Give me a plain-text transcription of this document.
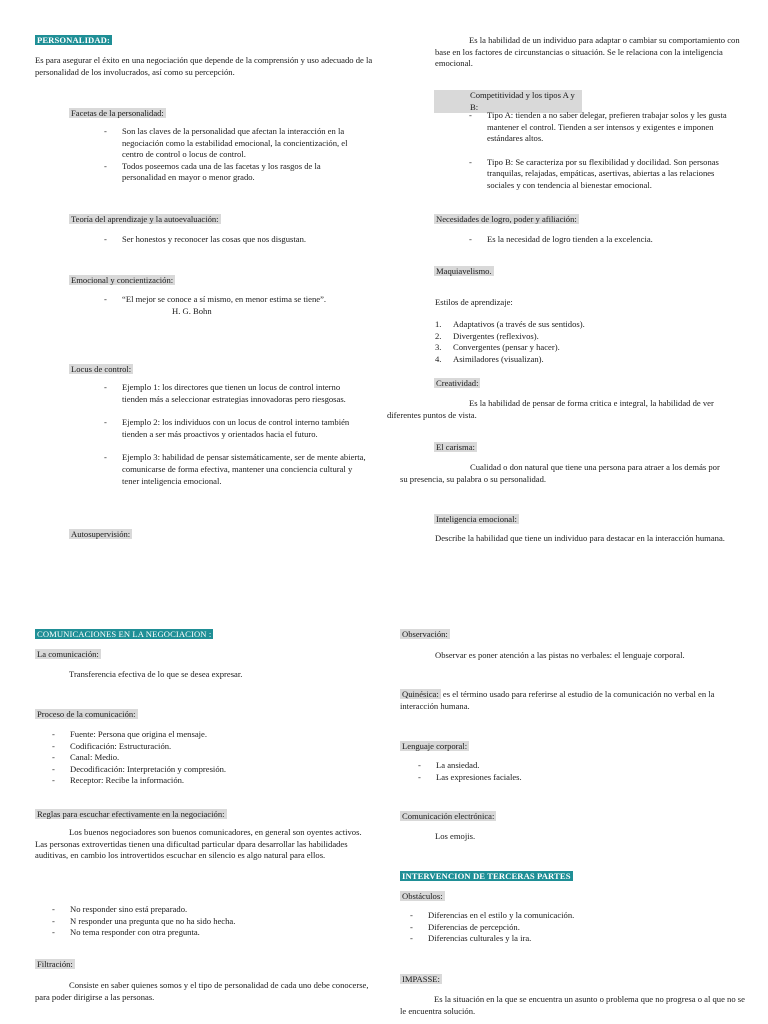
PERSONALIDAD:
Es para asegurar el éxito en una negociación que depende de la comprensión y uso adecuado de la personalidad de los involucrados, así como su percepción.
Facetas de la personalidad:
- Son las claves de la personalidad que afectan la interacción en la negociación como la estabilidad emocional, la concientización, el centro de control o locus de control.
- Todos poseemos cada una de las facetas y los rasgos de la personalidad en mayor o menor grado.
Teoría del aprendizaje y la autoevaluación:
- Ser honestos y reconocer las cosas que nos disgustan.
Emocional y concientización:
- “El mejor se conoce a sí mismo, en menor estima se tiene”.
H. G. Bohn
Locus de control:
- Ejemplo 1: los directores que tienen un locus de control interno tienden más a seleccionar estrategias innovadoras pero riesgosas.
- Ejemplo 2: los individuos con un locus de control interno también tienden a ser más proactivos y orientados hacia el futuro.
- Ejemplo 3: habilidad de pensar sistemáticamente, ser de mente abierta, comunicarse de forma efectiva, mantener una conciencia cultural y tener inteligencia emocional.
Autosupervisión:
Es la habilidad de un individuo para adaptar o cambiar su comportamiento con base en los factores de circunstancias o situación. Se le relaciona con la inteligencia emocional.
Competitividad y los tipos A y B:
- Tipo A: tienden a no saber delegar, prefieren trabajar solos y les gusta mantener el control. Tienden a ser intensos y exigentes e imponen estándares altos.
- Tipo B: Se caracteriza por su flexibilidad y docilidad. Son personas tranquilas, relajadas, empáticas, asertivas, abiertas a las relaciones sociales y con tendencia al bienestar emocional.
Necesidades de logro, poder y afiliación:
- Es la necesidad de logro tienden a la excelencia.
Maquiavelismo.
Estilos de aprendizaje:
1. Adaptativos (a través de sus sentidos).
2. Divergentes (reflexivos).
3. Convergentes (pensar y hacer).
4. Asimiladores (visualizan).
Creatividad:
Es la habilidad de pensar de forma critica e integral, la habilidad de ver diferentes puntos de vista.
El carisma:
Cualidad o don natural que tiene una persona para atraer a los demás por su presencia, su palabra o su personalidad.
Inteligencia emocional:
Describe la habilidad que tiene un individuo para destacar en la interacción humana.
COMUNICACIONES EN LA NEGOCIACION :
La comunicación:
Transferencia efectiva de lo que se desea expresar.
Proceso de la comunicación:
- Fuente: Persona que origina el mensaje.
- Codificación: Estructuración.
- Canal: Medio.
- Decodificación: Interpretación y compresión.
- Receptor: Recibe la información.
Reglas para escuchar efectivamente en la negociación:
Los buenos negociadores son buenos comunicadores, en general son oyentes activos. Las personas extrovertidas tienen una dificultad particular dpara desarrollar las habilidades auditivas, en cambio los introvertidos escuchar en silencio es algo natural para ellos.
- No responder sino está preparado.
- N responder una pregunta que no ha sido hecha.
- No tema responder con otra pregunta.
Filtración:
Consiste en saber quienes somos y el tipo de personalidad de cada uno debe conocerse, para poder dirigirse a las personas.
Observación:
Observar es poner atención a las pistas no verbales: el lenguaje corporal.
Quinésica: es el término usado para referirse al estudio de la comunicación no verbal en la interacción humana.
Lenguaje corporal:
- La ansiedad.
- Las expresiones faciales.
Comunicación electrónica:
Los emojis.
INTERVENCION DE TERCERAS PARTES
Obstáculos:
- Diferencias en el estilo y la comunicación.
- Diferencias de percepción.
- Diferencias culturales y la ira.
IMPASSE:
Es la situación en la que se encuentra un asunto o problema que no progresa o al que no se le encuentra solución.
